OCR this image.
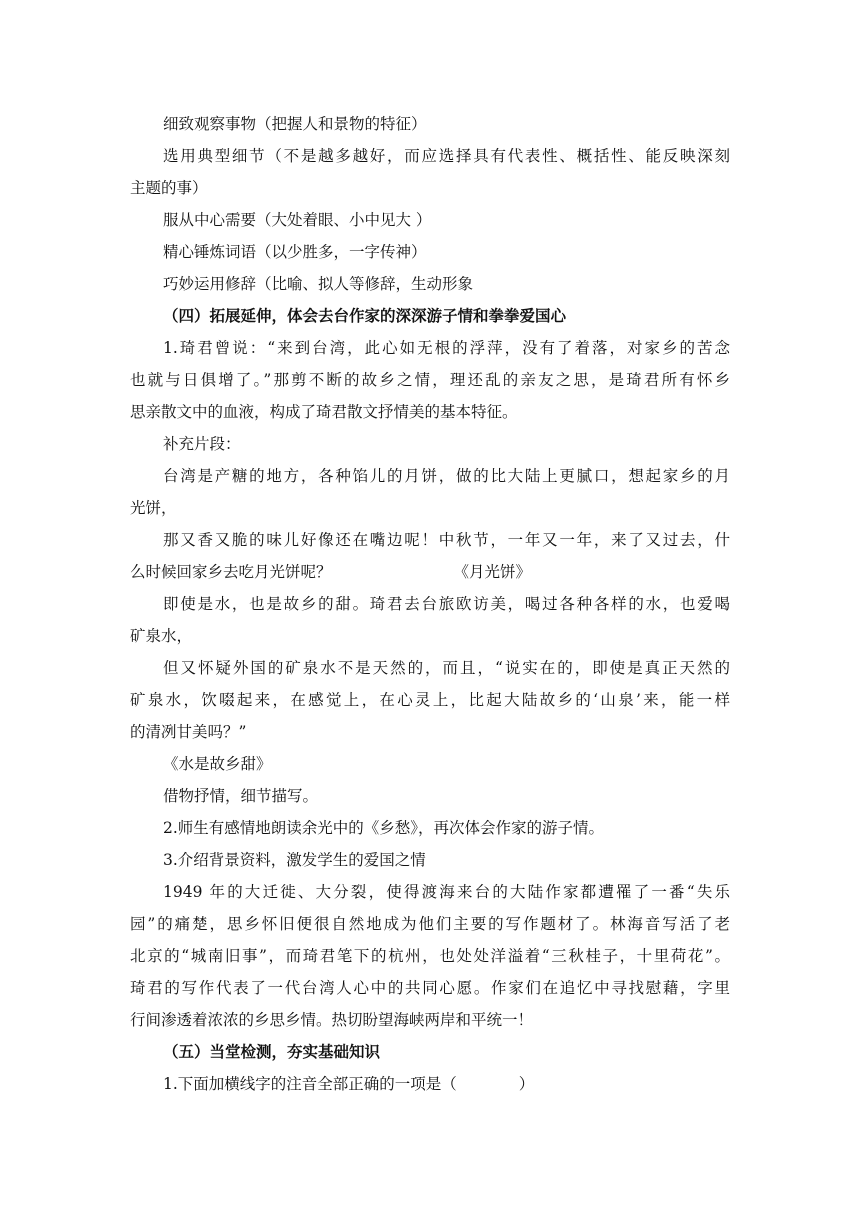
细致观察事物（把握人和景物的特征）
选用典型细节（不是越多越好，而应选择具有代表性、概括性、能反映深刻
主题的事）
服从中心需要（大处着眼、小中见大 ）
精心锤炼词语（以少胜多，一字传神）
巧妙运用修辞（比喻、拟人等修辞，生动形象
（四）拓展延伸，体会去台作家的深深游子情和拳拳爱国心
1.琦君曾说：“来到台湾，此心如无根的浮萍，没有了着落，对家乡的苦念
也就与日俱增了。”那剪不断的故乡之情，理还乱的亲友之思，是琦君所有怀乡
思亲散文中的血液，构成了琦君散文抒情美的基本特征。
补充片段：
台湾是产糖的地方，各种馅儿的月饼，做的比大陆上更腻口，想起家乡的月
光饼，
那又香又脆的味儿好像还在嘴边呢！中秋节，一年又一年，来了又过去，什
么时候回家乡去吃月光饼呢？	《月光饼》
即使是水，也是故乡的甜。琦君去台旅欧访美，喝过各种各样的水，也爱喝
矿泉水，
但又怀疑外国的矿泉水不是天然的，而且，“说实在的，即使是真正天然的
矿泉水，饮啜起来，在感觉上，在心灵上，比起大陆故乡的‘山泉’来，能一样
的清冽甘美吗？”
《水是故乡甜》
借物抒情，细节描写。
2.师生有感情地朗读余光中的《乡愁》，再次体会作家的游子情。
3.介绍背景资料，激发学生的爱国之情
1949 年的大迁徙、大分裂，使得渡海来台的大陆作家都遭罹了一番“失乐
园”的痛楚，思乡怀旧便很自然地成为他们主要的写作题材了。林海音写活了老
北京的“城南旧事”，而琦君笔下的杭州，也处处洋溢着“三秋桂子，十里荷花”。
琦君的写作代表了一代台湾人心中的共同心愿。作家们在追忆中寻找慰藉，字里
行间渗透着浓浓的乡思乡情。热切盼望海峡两岸和平统一！
（五）当堂检测，夯实基础知识
1.下面加横线字的注音全部正确的一项是（	）
